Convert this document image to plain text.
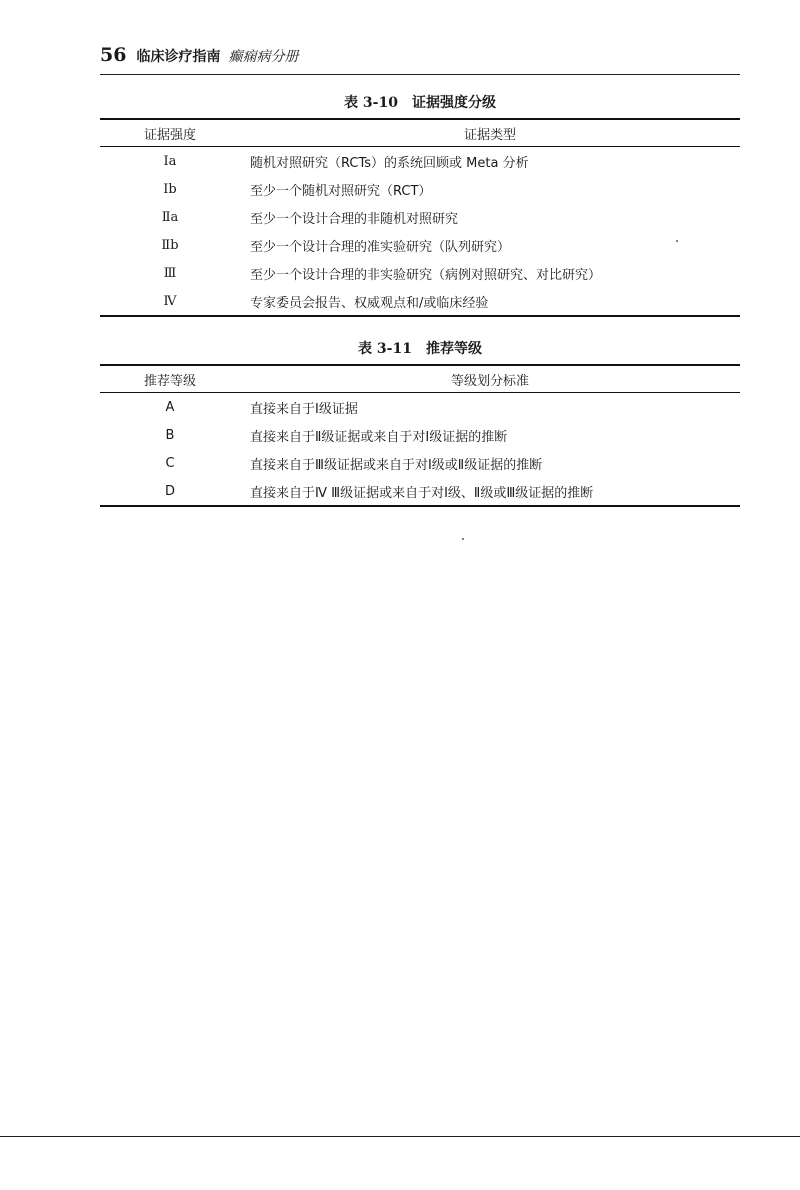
56 临床诊疗指南 癫痫病分册
表 3-10 证据强度分级
证据强度	证据类型
Ⅰa	随机对照研究（RCTs）的系统回顾或 Meta 分析
Ⅰb	至少一个随机对照研究（RCT）
Ⅱa	至少一个设计合理的非随机对照研究
Ⅱb	至少一个设计合理的准实验研究（队列研究）
Ⅲ	至少一个设计合理的非实验研究（病例对照研究、对比研究）
Ⅳ	专家委员会报告、权威观点和/或临床经验
表 3-11 推荐等级
推荐等级	等级划分标准
A	直接来自于Ⅰ级证据
B	直接来自于Ⅱ级证据或来自于对Ⅰ级证据的推断
C	直接来自于Ⅲ级证据或来自于对Ⅰ级或Ⅱ级证据的推断
D	直接来自于Ⅳ Ⅲ级证据或来自于对Ⅰ级、Ⅱ级或Ⅲ级证据的推断
